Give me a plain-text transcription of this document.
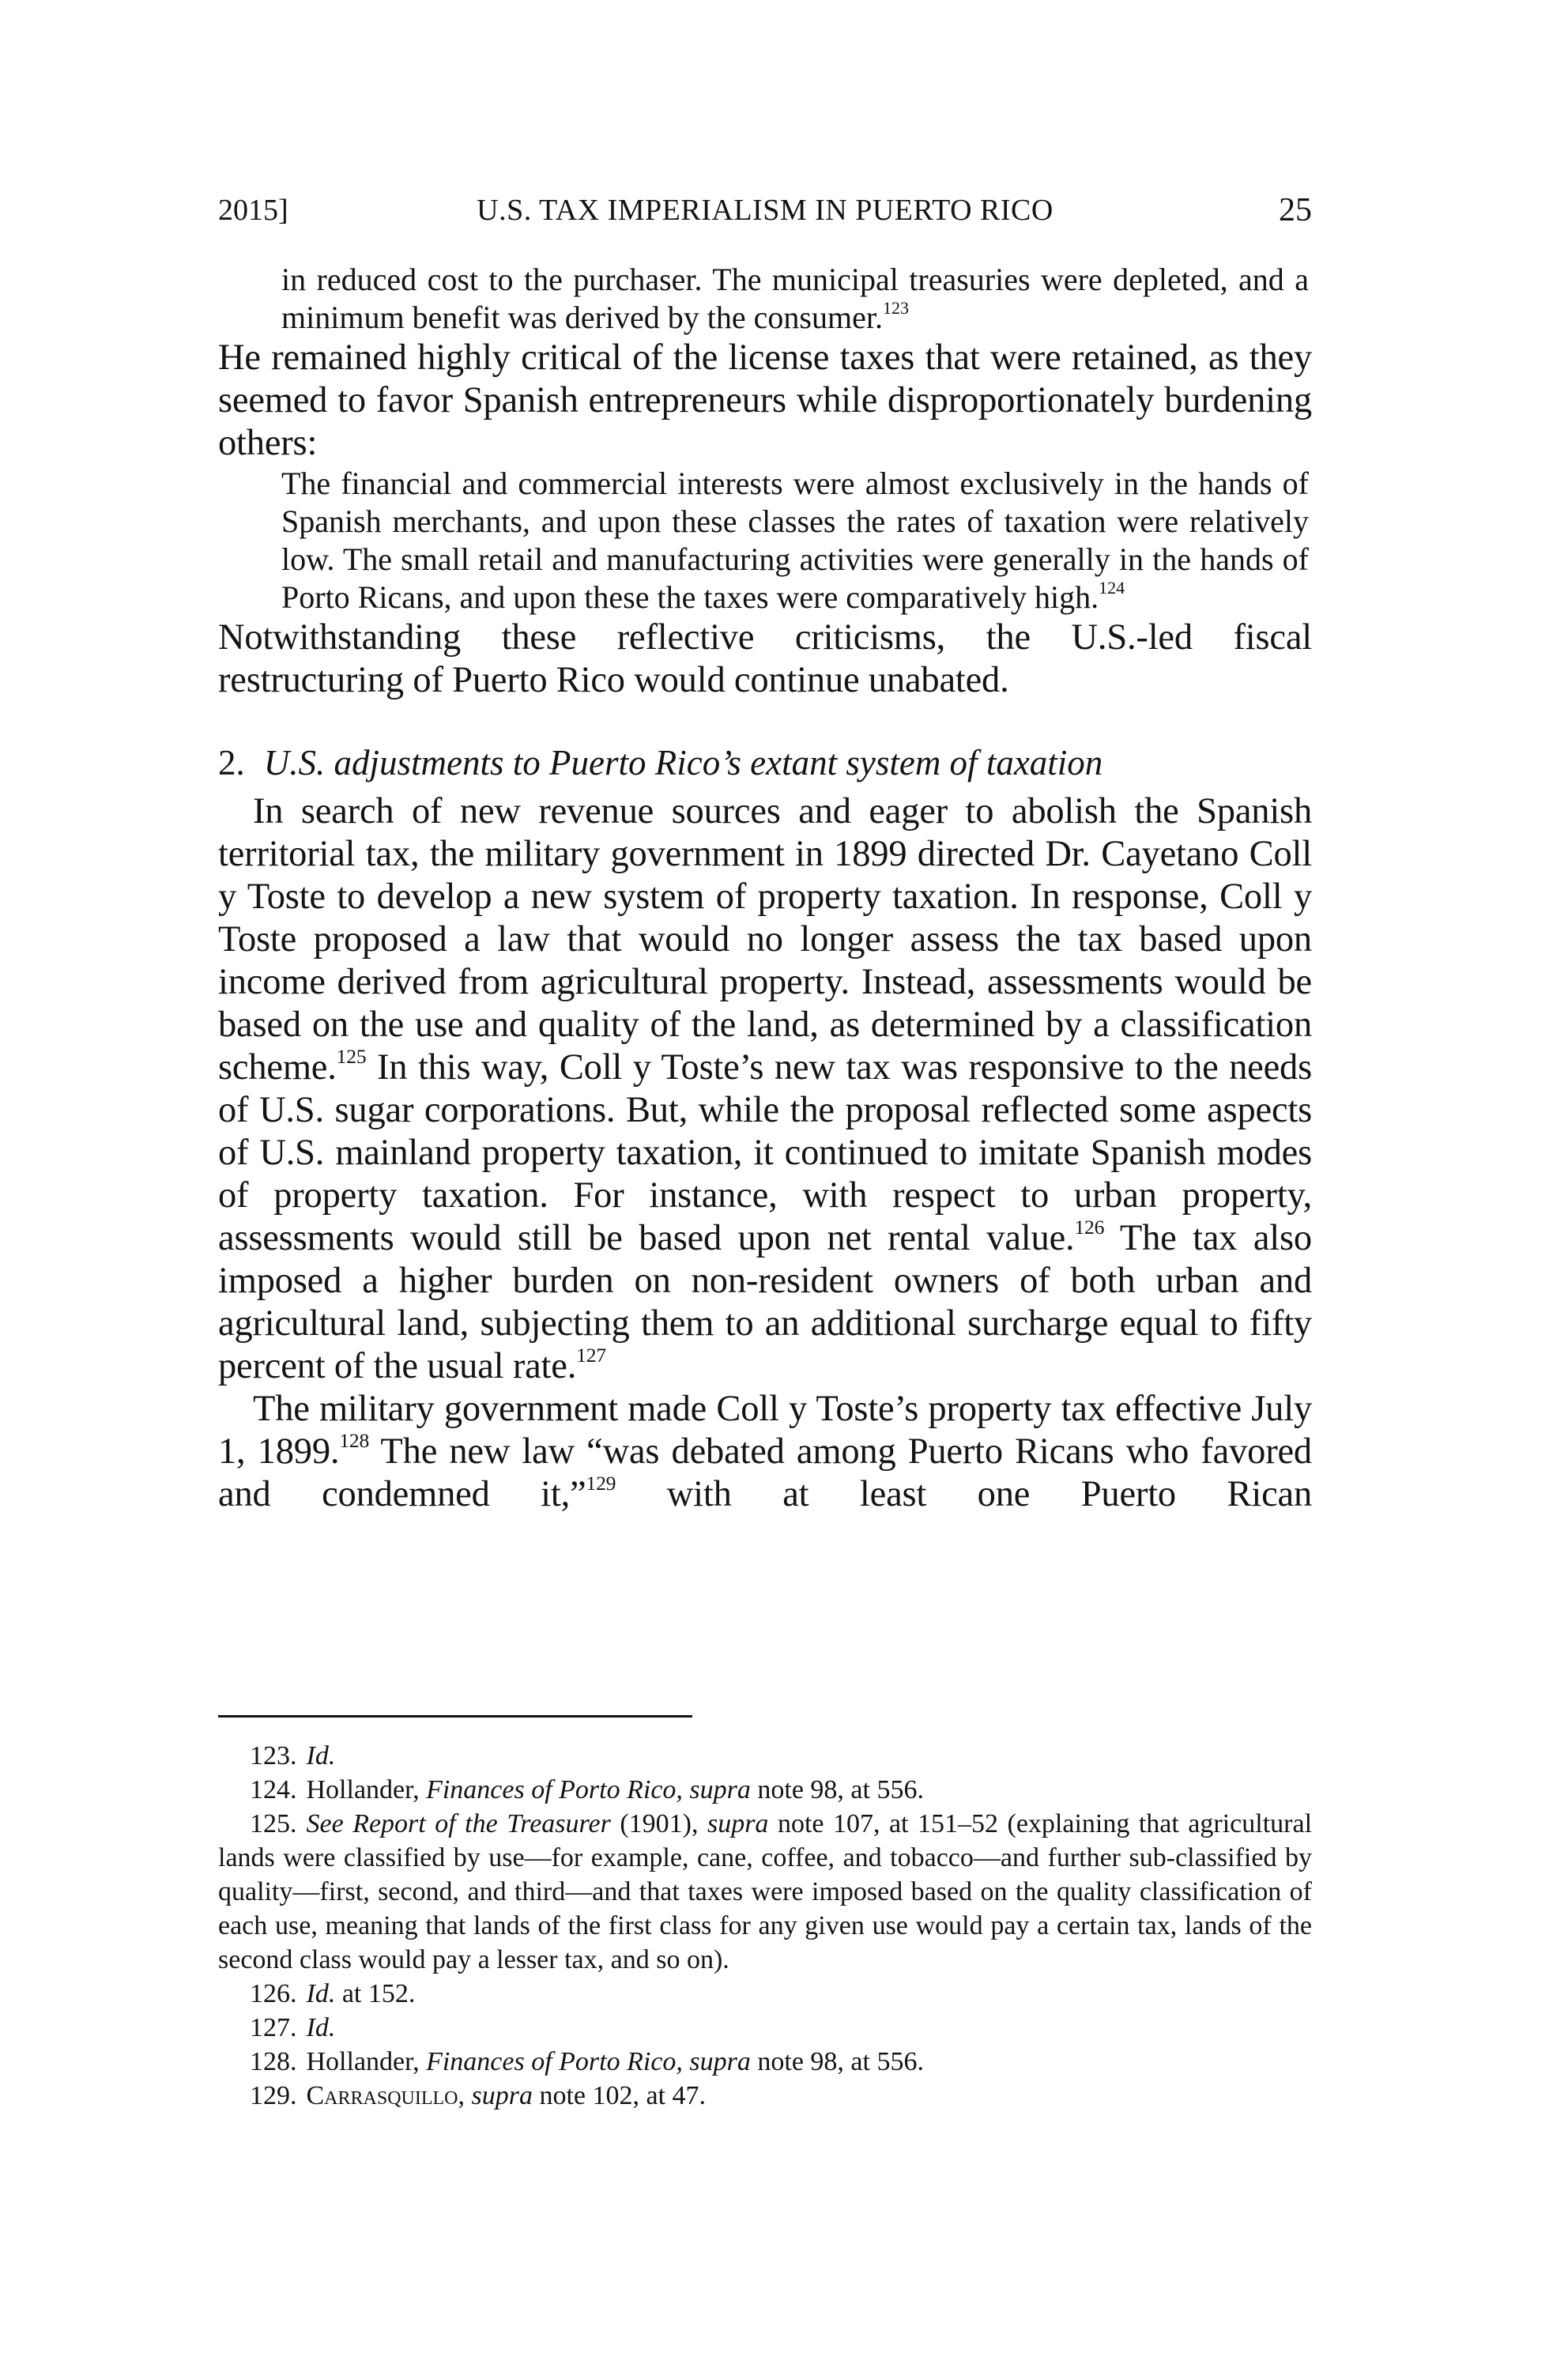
2015]	U.S. TAX IMPERIALISM IN PUERTO RICO	25

in reduced cost to the purchaser. The municipal treasuries were depleted, and a minimum benefit was derived by the consumer.$^{123}$

He remained highly critical of the license taxes that were retained, as they seemed to favor Spanish entrepreneurs while disproportionately burdening others:

The financial and commercial interests were almost exclusively in the hands of Spanish merchants, and upon these classes the rates of taxation were relatively low. The small retail and manufacturing activities were generally in the hands of Porto Ricans, and upon these the taxes were comparatively high.$^{124}$

Notwithstanding these reflective criticisms, the U.S.-led fiscal

restructuring of Puerto Rico would continue unabated.

2. U.S. adjustments to Puerto Rico’s extant system of taxation

In search of new revenue sources and eager to abolish the Spanish territorial tax, the military government in 1899 directed Dr. Cayetano Coll y Toste to develop a new system of property taxation. In response, Coll y Toste proposed a law that would no longer assess the tax based upon income derived from agricultural property. Instead, assessments would be based on the use and quality of the land, as determined by a classification scheme.$^{125}$ In this way, Coll y Toste’s new tax was responsive to the needs of U.S. sugar corporations. But, while the proposal reflected some aspects of U.S. mainland property taxation, it continued to imitate Spanish modes of property taxation. For instance, with respect to urban property, assessments would still be based upon net rental value.$^{126}$ The tax also imposed a higher burden on non-resident owners of both urban and agricultural land, subjecting them to an additional surcharge equal to fifty percent of the usual rate.$^{127}$

The military government made Coll y Toste’s property tax effective July 1, 1899.$^{128}$ The new law “was debated among Puerto Ricans who favored and condemned it,”$^{129}$ with at least one Puerto Rican

123. Id.

124. Hollander, Finances of Porto Rico, supra note 98, at 556.

125. See Report of the Treasurer (1901), supra note 107, at 151–52 (explaining that agricultural lands were classified by use—for example, cane, coffee, and tobacco—and further sub-classified by quality—first, second, and third—and that taxes were imposed based on the quality classification of each use, meaning that lands of the first class for any given use would pay a certain tax, lands of the second class would pay a lesser tax, and so on).

126. Id. at 152.

127. Id.

128. Hollander, Finances of Porto Rico, supra note 98, at 556.

129. Carrasquillo, supra note 102, at 47.
